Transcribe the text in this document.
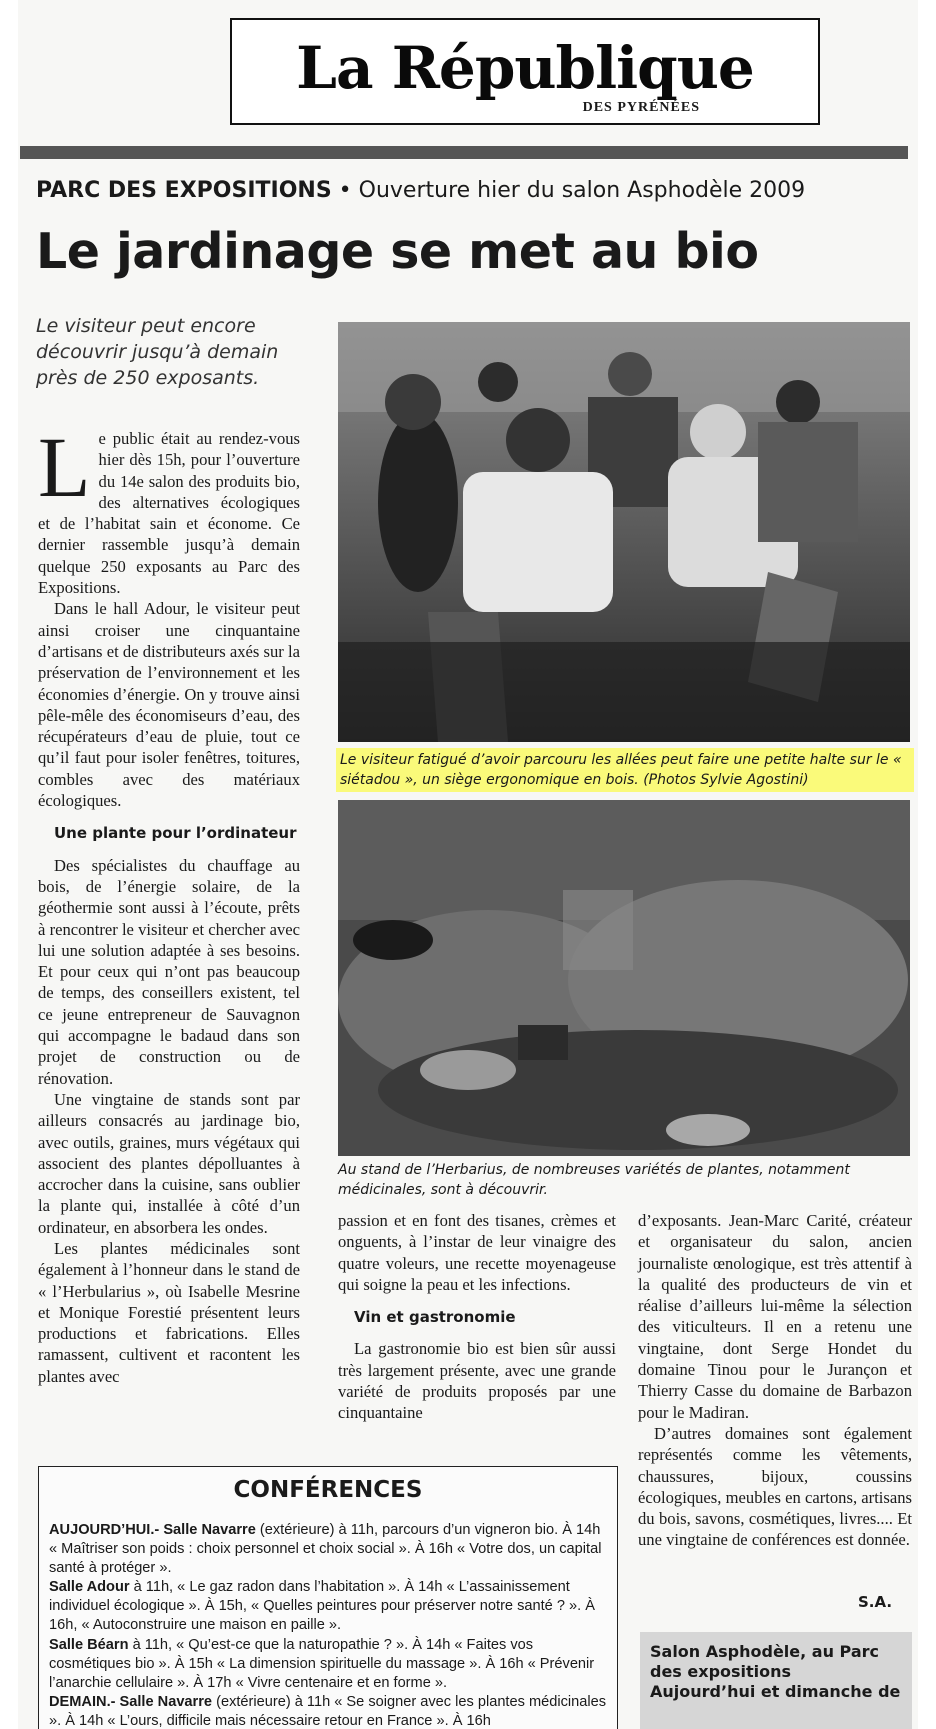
La République
DES PYRÉNÉES
PARC DES EXPOSITIONS • Ouverture hier du salon Asphodèle 2009
Le jardinage se met au bio
Le visiteur peut encore découvrir jusqu’à demain près de 250 exposants.

Le public était au rendez-vous hier dès 15h, pour l’ouverture du 14e salon des produits bio, des alternatives écologiques et de l’habitat sain et économe. Ce dernier rassemble jusqu’à demain quelque 250 exposants au Parc des Expositions.

Dans le hall Adour, le visiteur peut ainsi croiser une cinquantaine d’artisans et de distributeurs axés sur la préservation de l’environnement et les économies d’énergie. On y trouve ainsi pêle-mêle des économiseurs d’eau, des récupérateurs d’eau de pluie, tout ce qu’il faut pour isoler fenêtres, toitures, combles avec des matériaux écologiques.

Une plante pour l’ordinateur

Des spécialistes du chauffage au bois, de l’énergie solaire, de la géothermie sont aussi à l’écoute, prêts à rencontrer le visiteur et chercher avec lui une solution adaptée à ses besoins. Et pour ceux qui n’ont pas beaucoup de temps, des conseillers existent, tel ce jeune entrepreneur de Sauvagnon qui accompagne le badaud dans son projet de construction ou de rénovation.

Une vingtaine de stands sont par ailleurs consacrés au jardinage bio, avec outils, graines, murs végétaux qui associent des plantes dépolluantes à accrocher dans la cuisine, sans oublier la plante qui, installée à côté d’un ordinateur, en absorbera les ondes.

Les plantes médicinales sont également à l’honneur dans le stand de « l’Herbularius », où Isabelle Mesrine et Monique Forestié présentent leurs productions et fabrications. Elles ramassent, cultivent et racontent les plantes avec

Le visiteur fatigué d’avoir parcouru les allées peut faire une petite halte sur le « siétadou », un siège ergonomique en bois. (Photos Sylvie Agostini)
Au stand de l’Herbarius, de nombreuses variétés de plantes, notamment médicinales, sont à découvrir.

passion et en font des tisanes, crèmes et onguents, à l’instar de leur vinaigre des quatre voleurs, une recette moyenageuse qui soigne la peau et les infections.

Vin et gastronomie

La gastronomie bio est bien sûr aussi très largement présente, avec une grande variété de produits proposés par une cinquantaine

d’exposants. Jean-Marc Carité, créateur et organisateur du salon, ancien journaliste œnologique, est très attentif à la qualité des producteurs de vin et réalise d’ailleurs lui-même la sélection des viticulteurs. Il en a retenu une vingtaine, dont Serge Hondet du domaine Tinou pour le Jurançon et Thierry Casse du domaine de Barbazon pour le Madiran.

D’autres domaines sont également représentés comme les vêtements, chaussures, bijoux, coussins écologiques, meubles en cartons, artisans du bois, savons, cosmétiques, livres.... Et une vingtaine de conférences est donnée.

S.A.
CONFÉRENCES
AUJOURD’HUI.- Salle Navarre (extérieure) à 11h, parcours d’un vigneron bio. À 14h « Maîtriser son poids : choix personnel et choix social ». À 16h « Votre dos, un capital santé à protéger ».
Salle Adour à 11h, « Le gaz radon dans l’habitation ». À 14h « L’assainissement individuel écologique ». À 15h, « Quelles peintures pour préserver notre santé ? ». À 16h, « Autoconstruire une maison en paille ».
Salle Béarn à 11h, « Qu’est-ce que la naturopathie ? ». À 14h « Faites vos cosmétiques bio ». À 15h « La dimension spirituelle du massage ». À 16h « Prévenir l’anarchie cellulaire ». À 17h « Vivre centenaire et en forme ».
DEMAIN.- Salle Navarre (extérieure) à 11h « Se soigner avec les plantes médicinales ». À 14h « L’ours, difficile mais nécessaire retour en France ». À 16h
Salon Asphodèle, au Parc des expositions
Aujourd’hui et dimanche de
